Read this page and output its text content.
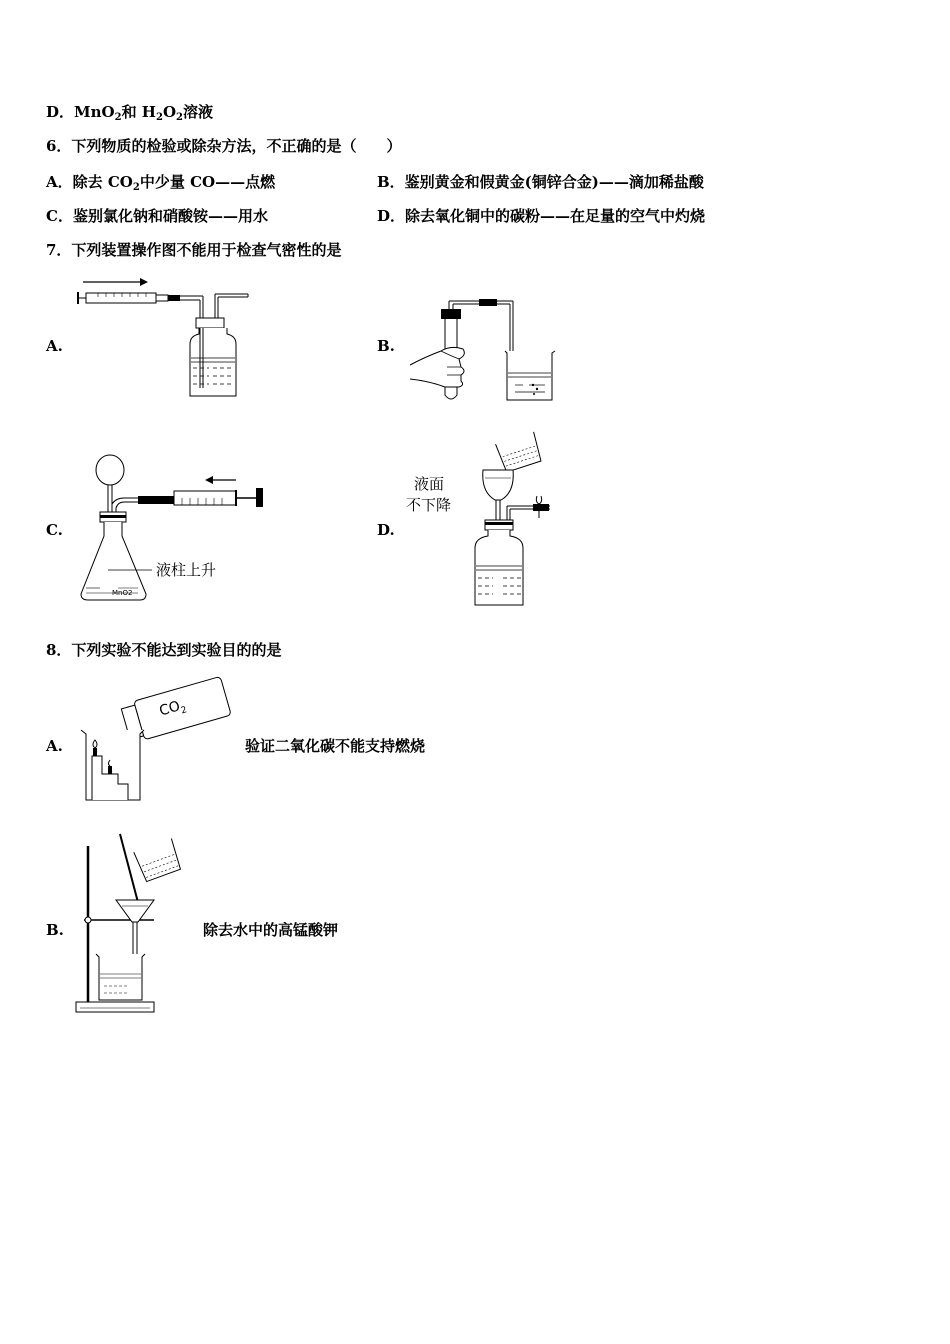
D．MnO$_2$和 $H_2O_2$溶液
6．下列物质的检验或除杂方法，不正确的是（　　）
A．除去 $CO_2$中少量 CO——点燃	B．鉴别黄金和假黄金(铜锌合金)——滴加稀盐酸
C．鉴别氯化钠和硝酸铵——用水	D．除去氧化铜中的碳粉——在足量的空气中灼烧
7．下列装置操作图不能用于检查气密性的是
A.	B.
C.
MnO2
液柱上升
D.
液面
不下降
8．下列实验不能达到实验目的的是
A.
$CO_2$
验证二氧化碳不能支持燃烧
B.	除去水中的高锰酸钾
